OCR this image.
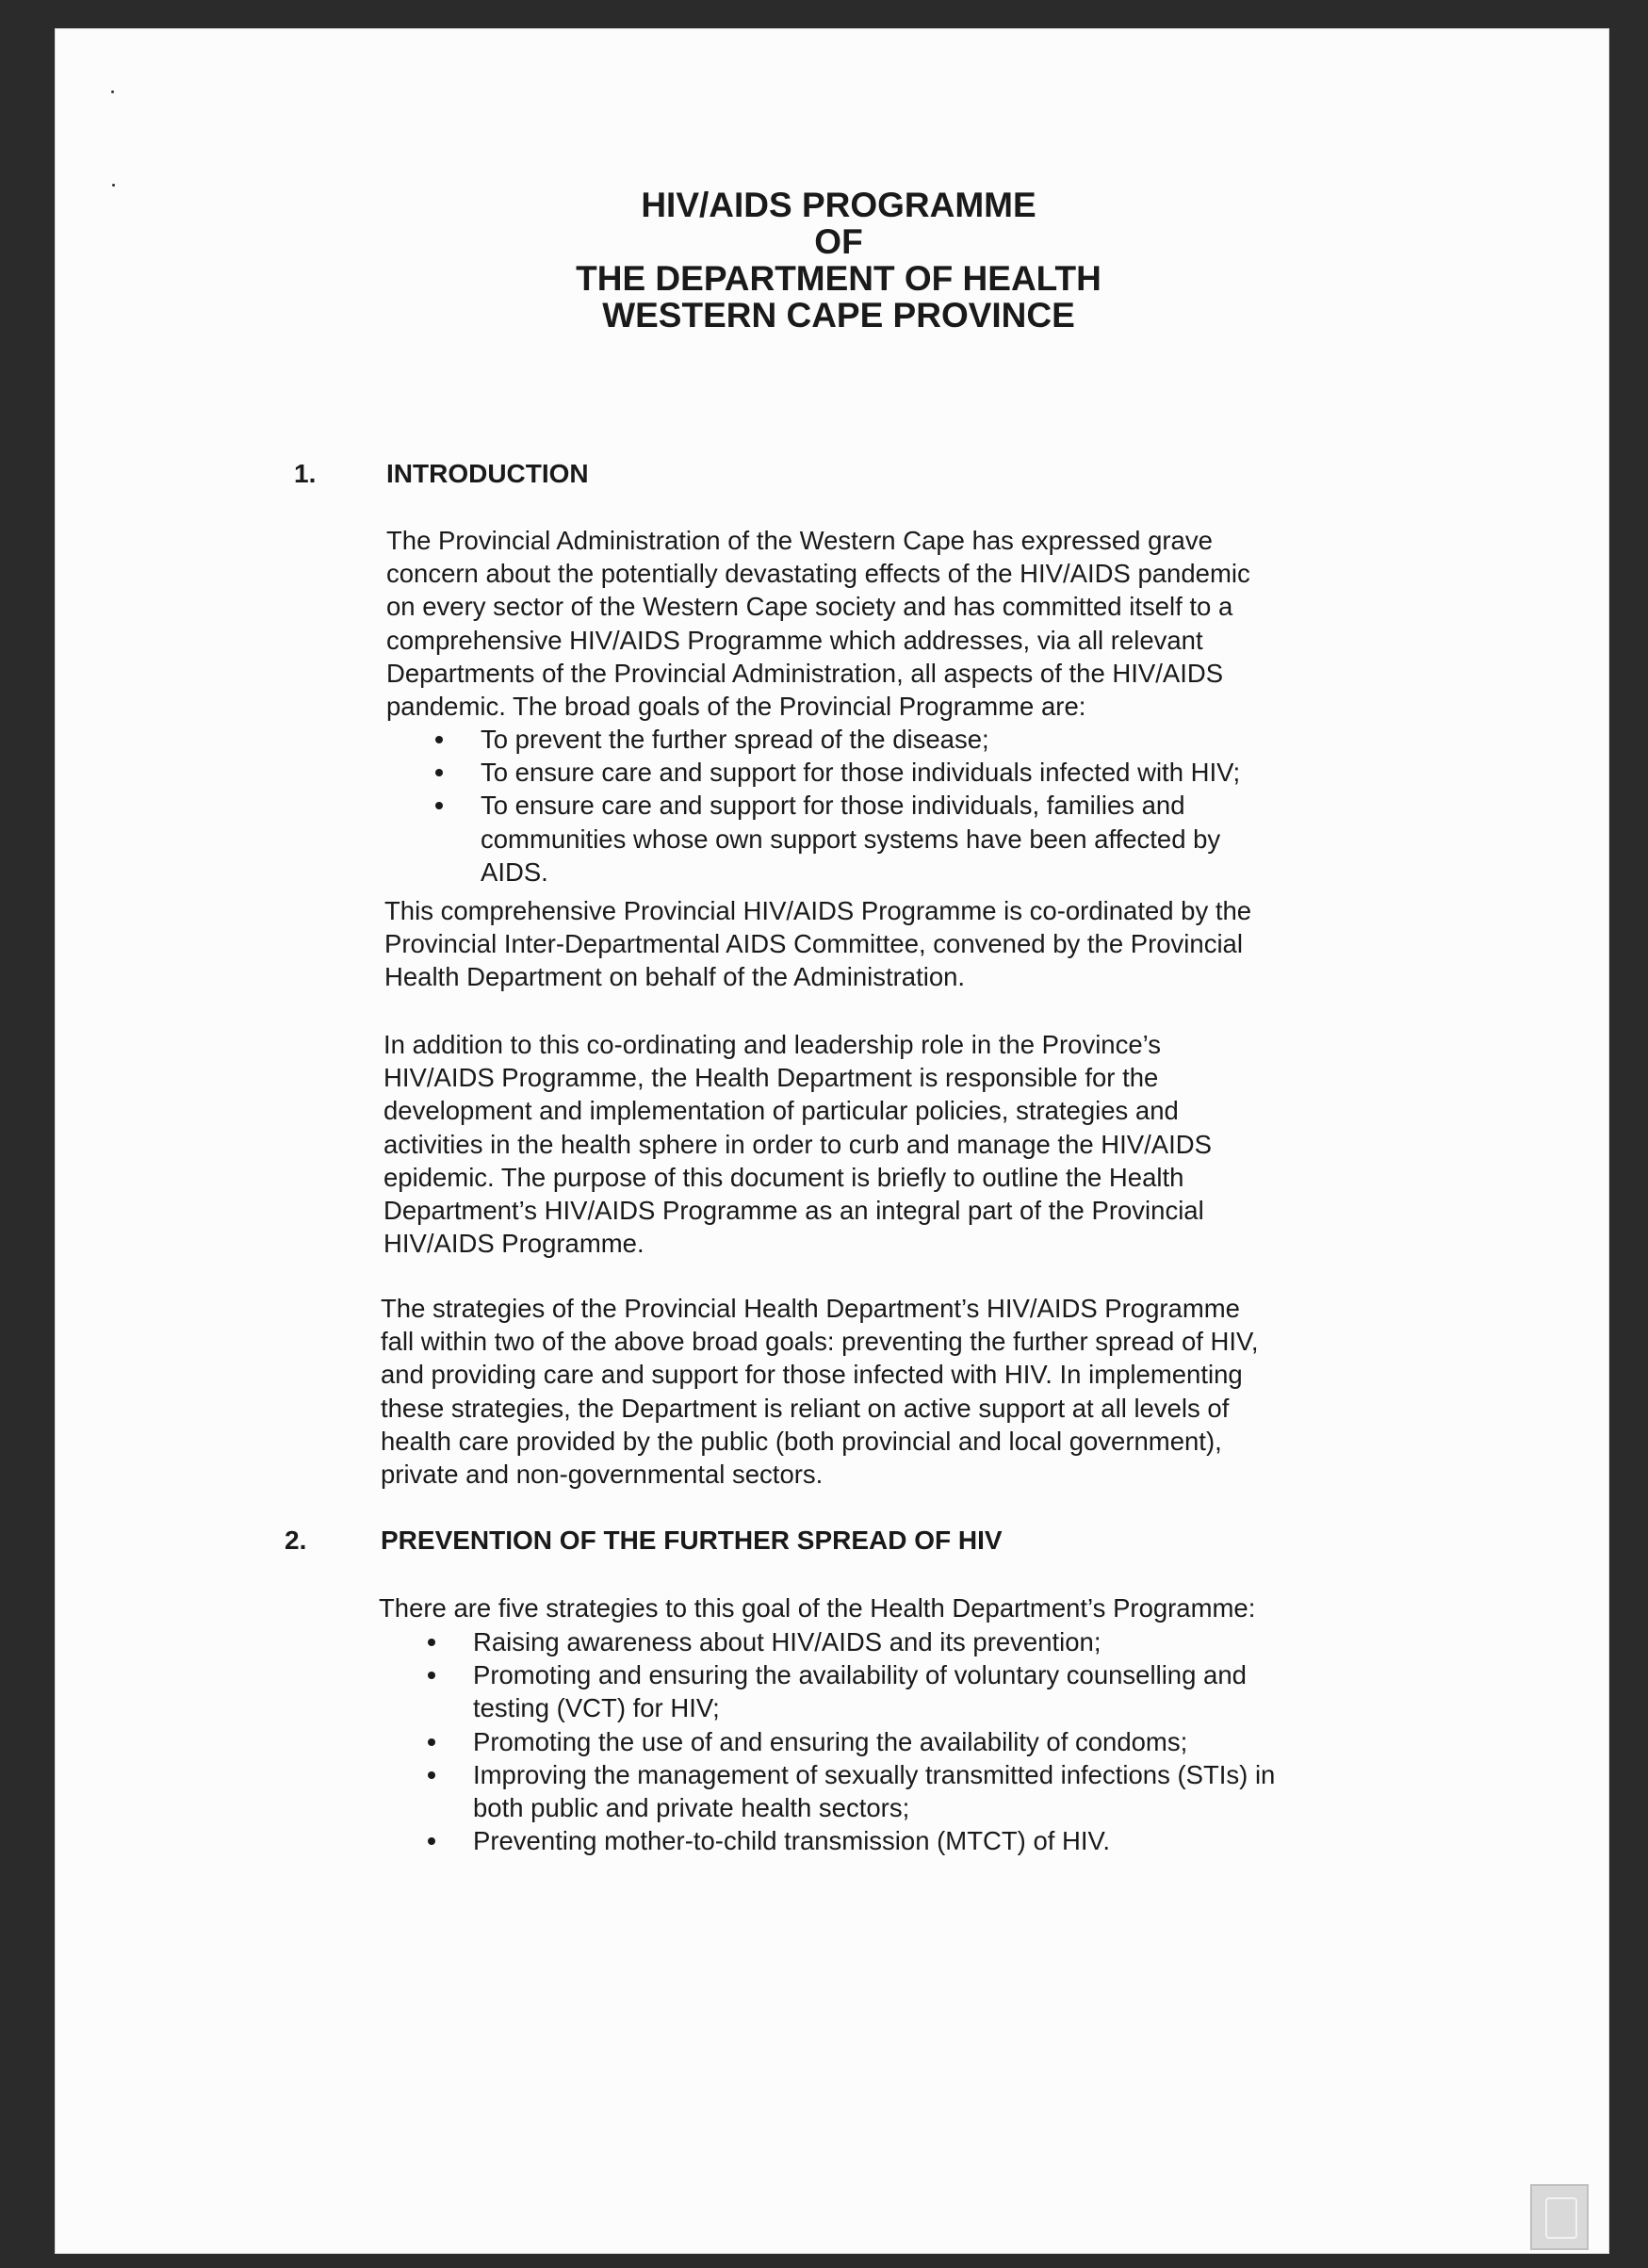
HIV/AIDS PROGRAMME
OF
THE DEPARTMENT OF HEALTH
WESTERN CAPE PROVINCE
1.	INTRODUCTION
The Provincial Administration of the Western Cape has expressed grave
concern about the potentially devastating effects of the HIV/AIDS pandemic
on every sector of the Western Cape society and has committed itself to a
comprehensive HIV/AIDS Programme which addresses, via all relevant
Departments of the Provincial Administration, all aspects of the HIV/AIDS
pandemic. The broad goals of the Provincial Programme are:
To prevent the further spread of the disease;
To ensure care and support for those individuals infected with HIV;
To ensure care and support for those individuals, families and
communities whose own support systems have been affected by
AIDS.
This comprehensive Provincial HIV/AIDS Programme is co-ordinated by the
Provincial Inter-Departmental AIDS Committee, convened by the Provincial
Health Department on behalf of the Administration.
In addition to this co-ordinating and leadership role in the Province’s
HIV/AIDS Programme, the Health Department is responsible for the
development and implementation of particular policies, strategies and
activities in the health sphere in order to curb and manage the HIV/AIDS
epidemic. The purpose of this document is briefly to outline the Health
Department’s HIV/AIDS Programme as an integral part of the Provincial
HIV/AIDS Programme.
The strategies of the Provincial Health Department’s HIV/AIDS Programme
fall within two of the above broad goals: preventing the further spread of HIV,
and providing care and support for those infected with HIV. In implementing
these strategies, the Department is reliant on active support at all levels of
health care provided by the public (both provincial and local government),
private and non-governmental sectors.
2.	PREVENTION OF THE FURTHER SPREAD OF HIV
There are five strategies to this goal of the Health Department’s Programme:
Raising awareness about HIV/AIDS and its prevention;
Promoting and ensuring the availability of voluntary counselling and
testing (VCT) for HIV;
Promoting the use of and ensuring the availability of condoms;
Improving the management of sexually transmitted infections (STIs) in
both public and private health sectors;
Preventing mother-to-child transmission (MTCT) of HIV.
